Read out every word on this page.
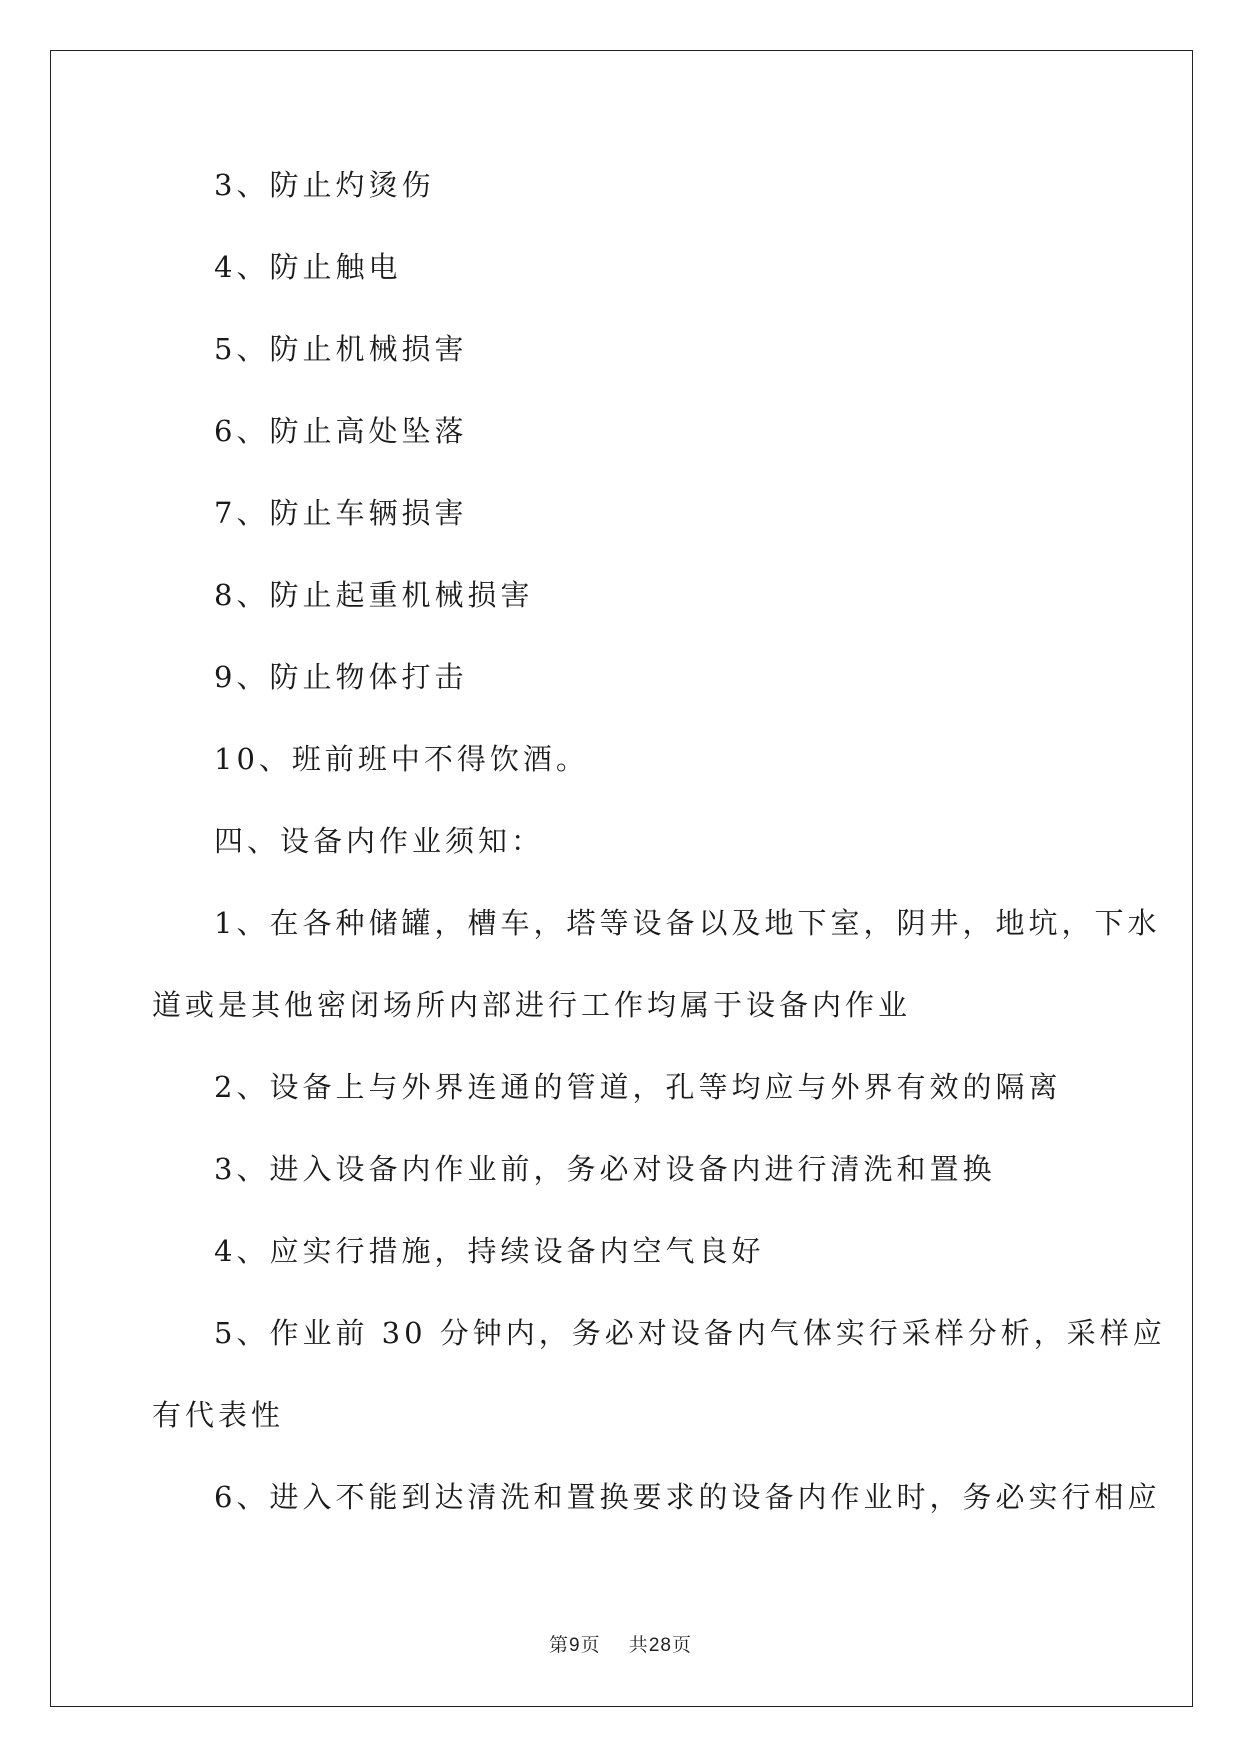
3、防止灼烫伤
4、防止触电
5、防止机械损害
6、防止高处坠落
7、防止车辆损害
8、防止起重机械损害
9、防止物体打击
10、班前班中不得饮酒。
四、设备内作业须知：
1、在各种储罐，槽车，塔等设备以及地下室，阴井，地坑，下水
道或是其他密闭场所内部进行工作均属于设备内作业
2、设备上与外界连通的管道，孔等均应与外界有效的隔离
3、进入设备内作业前，务必对设备内进行清洗和置换
4、应实行措施，持续设备内空气良好
5、作业前 30 分钟内，务必对设备内气体实行采样分析，采样应
有代表性
6、进入不能到达清洗和置换要求的设备内作业时，务必实行相应
第9页 共28页
